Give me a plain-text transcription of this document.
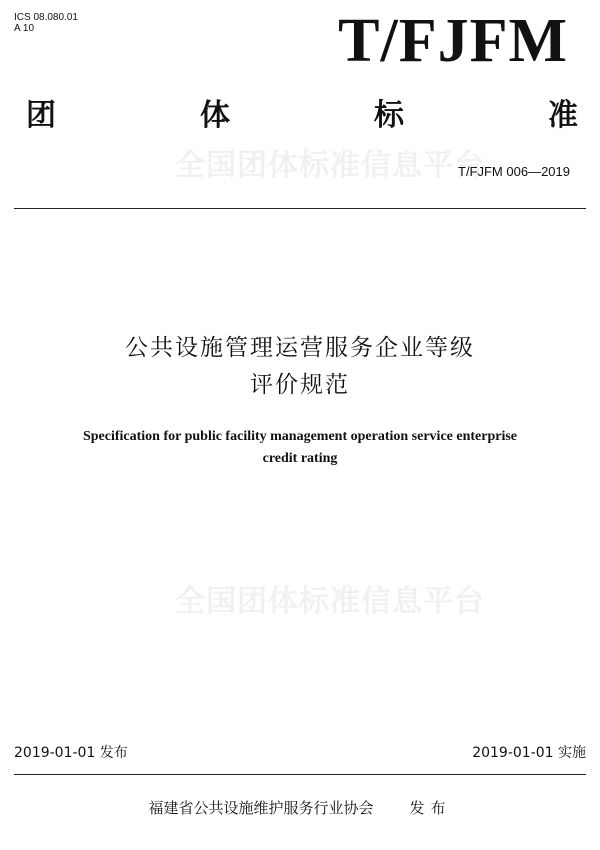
ICS 08.080.01
A 10	T/FJFM
团	体	标	准
全国团体标准信息平台
T/FJFM 006—2019
公共设施管理运营服务企业等级
评价规范
Specification for public facility management operation service enterprise
credit rating
全国团体标准信息平台
2019-01-01 发布	2019-01-01 实施
福建省公共设施维护服务行业协会 发布
